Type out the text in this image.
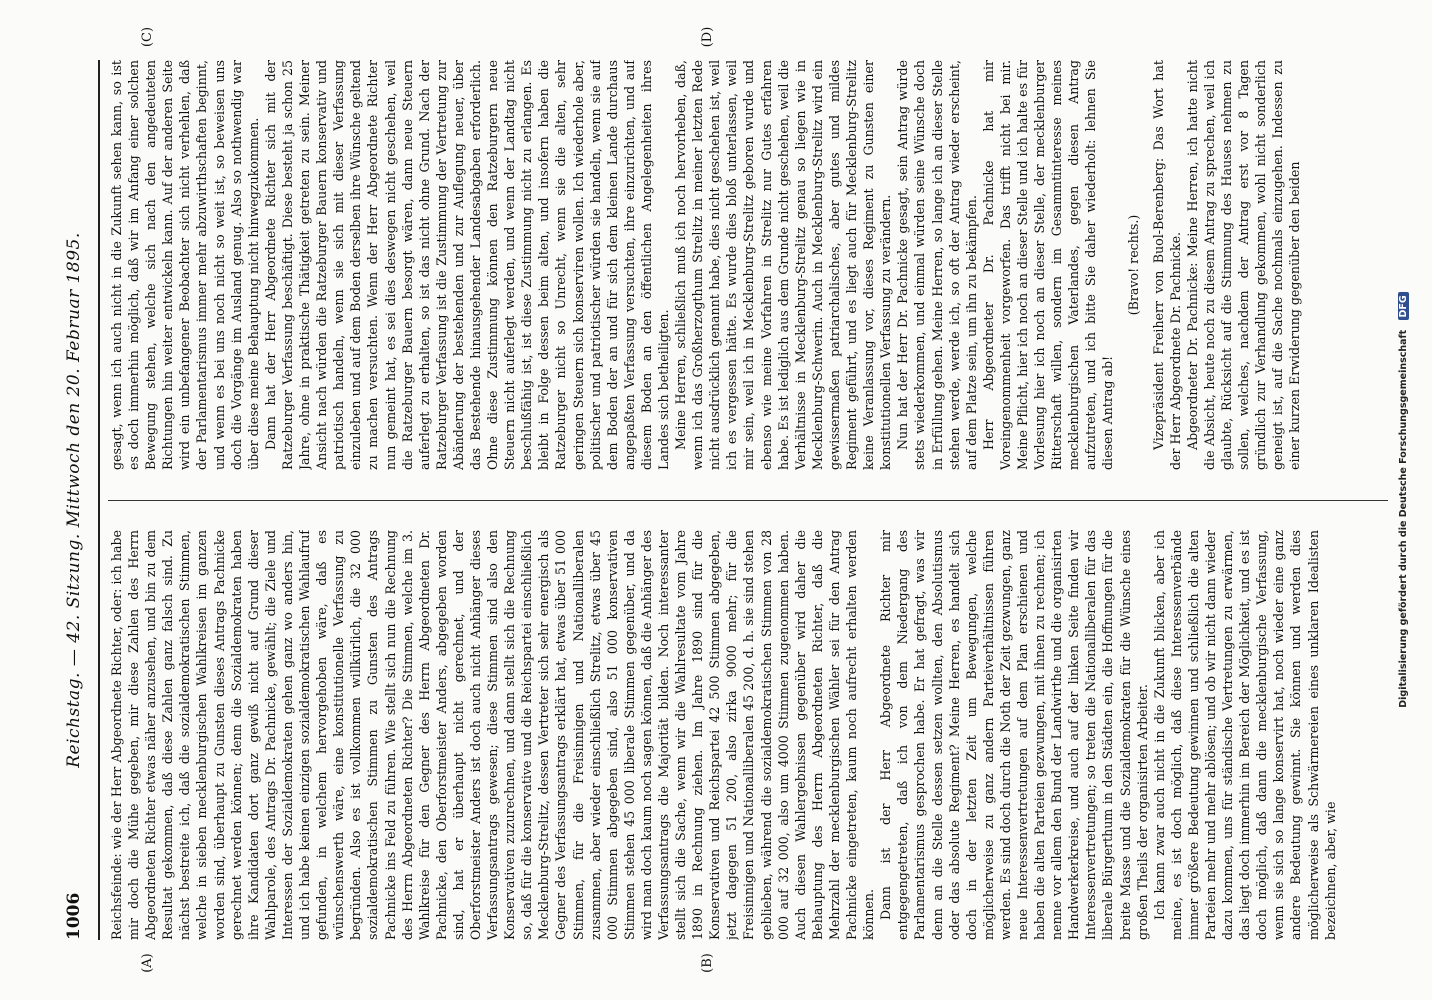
1006
Reichstag. — 42. Sitzung. Mittwoch den 20. Februar 1895.
(A)	(B)
(C)	(D)

Reichsfeinde: wie der Herr Abgeordnete Richter, oder: ich habe mir doch die Mühe gegeben, mir diese Zahlen des Herrn Abgeordneten Richter etwas näher anzusehen, und bin zu dem Resultat gekommen, daß diese Zahlen ganz falsch sind. Zu nächst bestreite ich, daß die sozialdemokratischen Stimmen, welche in sieben mecklenburgischen Wahlkreisen im ganzen worden sind, überhaupt zu Gunsten dieses Antrags Pachnicke gerechnet werden können; denn die Sozialdemokraten haben ihre Kandidaten dort ganz gewiß nicht auf Grund dieser Wahlparole, des Antrags Dr. Pachnicke, gewählt; die Ziele und Interessen der Sozialdemokraten gehen ganz wo anders hin, und ich habe keinen einzigen sozialdemokratischen Wahlaufruf gefunden, in welchem hervorgehoben wäre, daß es wünschenswerth wäre, eine konstitutionelle Verfassung zu begründen. Also es ist vollkommen willkürlich, die 32 000 sozialdemokratischen Stimmen zu Gunsten des Antrags Pachnicke ins Feld zu führen. Wie stellt sich nun die Rechnung des Herrn Abgeordneten Richter? Die Stimmen, welche im 3. Wahlkreise für den Gegner des Herrn Abgeordneten Dr. Pachnicke, den Oberforstmeister Anders, abgegeben worden sind, hat er überhaupt nicht gerechnet, und der Oberforstmeister Anders ist doch auch nicht Anhänger dieses Verfassungsantrags gewesen; diese Stimmen sind also den Konservativen zuzurechnen, und dann stellt sich die Rechnung so, daß für die konservative und die Reichspartei einschließlich Mecklenburg-Strelitz, dessen Vertreter sich sehr energisch als Gegner des Verfassungsantrags erklärt hat, etwas über 51 000 Stimmen, für die Freisinnigen und Nationalliberalen zusammen, aber wieder einschließlich Strelitz, etwas über 45 000 Stimmen abgegeben sind, also 51 000 konservativen Stimmen stehen 45 000 liberale Stimmen gegenüber, und da wird man doch kaum noch sagen können, daß die Anhänger des Verfassungsantrags die Majorität bilden. Noch interessanter stellt sich die Sache, wenn wir die Wahlresultate vom Jahre 1890 in Rechnung ziehen. Im Jahre 1890 sind für die Konservativen und Reichspartei 42 500 Stimmen abgegeben, jetzt dagegen 51 200, also zirka 9000 mehr; für die Freisinnigen und Nationalliberalen 45 200, d. h. sie sind stehen geblieben, während die sozialdemokratischen Stimmen von 28 000 auf 32 000, also um 4000 Stimmen zugenommen haben. Auch diesen Wahlergebnissen gegenüber wird daher die Behauptung des Herrn Abgeordneten Richter, daß die Mehrzahl der mecklenburgischen Wähler sei für den Antrag Pachnicke eingetreten, kaum noch aufrecht erhalten werden können. Dann ist der Herr Abgeordnete Richter mir entgegengetreten, daß ich von dem Niedergang des Parlamentarismus gesprochen habe. Er hat gefragt, was wir denn an die Stelle dessen setzen wollten, den Absolutismus oder das absolute Regiment? Meine Herren, es handelt sich doch in der letzten Zeit um Bewegungen, welche möglicherweise zu ganz andern Parteiverhältnissen führen werden. Es sind doch durch die Noth der Zeit gezwungen, ganz neue Interessenvertretungen auf dem Plan erschienen und haben die alten Parteien gezwungen, mit ihnen zu rechnen; ich nenne vor allem den Bund der Landwirthe und die organisirten Handwerkerkreise, und auch auf der linken Seite finden wir Interessenvertretungen; so treten die Nationalliberalen für das liberale Bürgerthum in den Städten ein, die Hoffnungen für die breite Masse und die Sozialdemokraten für die Wünsche eines großen Theils der organisirten Arbeiter. Ich kann zwar auch nicht in die Zukunft blicken, aber ich meine, es ist doch möglich, daß diese Interessenverbände immer größere Bedeutung gewinnen und schließlich die alten Parteien mehr und mehr ablösen; und ob wir nicht dann wieder dazu kommen, uns für ständische Vertretungen zu erwärmen, das liegt doch immerhin im Bereich der Möglichkeit, und es ist doch möglich, daß dann die mecklenburgische Verfassung, wenn sie sich so lange konservirt hat, noch wieder eine ganz andere Bedeutung gewinnt. Sie können und werden dies möglicherweise als Schwärmereien eines unklaren Idealisten bezeichnen, aber, wie

gesagt, wenn ich auch nicht in die Zukunft sehen kann, so ist es doch immerhin möglich, daß wir im Anfang einer solchen Bewegung stehen, welche sich nach den angedeuteten Richtungen hin weiter entwickeln kann. Auf der anderen Seite wird ein unbefangener Beobachter sich nicht verhehlen, daß der Parlamentarismus immer mehr abzuwirthschaften beginnt, und wenn es bei uns noch nicht so weit ist, so beweisen uns doch die Vorgänge im Ausland genug. Also so nothwendig war über diese meine Behauptung nicht hinwegzukommen. Dann hat der Herr Abgeordnete Richter sich mit der Ratzeburger Verfassung beschäftigt. Diese besteht ja schon 25 Jahre, ohne in praktische Thätigkeit getreten zu sein. Meiner Ansicht nach würden die Ratzeburger Bauern konservativ und patriotisch handeln, wenn sie sich mit dieser Verfassung einzuleben und auf dem Boden derselben ihre Wünsche geltend zu machen versuchten. Wenn der Herr Abgeordnete Richter nun gemeint hat, es sei dies deswegen nicht geschehen, weil die Ratzeburger Bauern besorgt wären, dann neue Steuern auferlegt zu erhalten, so ist das nicht ohne Grund. Nach der Ratzeburger Verfassung ist die Zustimmung der Vertretung zur Abänderung der bestehenden und zur Auflegung neuer, über das Bestehende hinausgehender Landesabgaben erforderlich. Ohne diese Zustimmung können den Ratzeburgern neue Steuern nicht auferlegt werden, und wenn der Landtag nicht beschlußfähig ist, ist diese Zustimmung nicht zu erlangen. Es bleibt in Folge dessen beim alten, und insofern haben die Ratzeburger nicht so Unrecht, wenn sie die alten, sehr geringen Steuern sich konserviren wollen. Ich wiederhole aber, politischer und patriotischer würden sie handeln, wenn sie auf dem Boden der an und für sich dem kleinen Lande durchaus angepaßten Verfassung versuchten, ihre einzurichten, und auf diesem Boden an den öffentlichen Angelegenheiten ihres Landes sich betheiligten. Meine Herren, schließlich muß ich noch hervorheben, daß, wenn ich das Großherzogthum Strelitz in meiner letzten Rede nicht ausdrücklich genannt habe, dies nicht geschehen ist, weil ich es vergessen hätte. Es wurde dies bloß unterlassen, weil mir sein, weil ich in Mecklenburg-Strelitz geboren wurde und ebenso wie meine Vorfahren in Strelitz nur Gutes erfahren habe. Es ist lediglich aus dem Grunde nicht geschehen, weil die Verhältnisse in Mecklenburg-Strelitz genau so liegen wie in Mecklenburg-Schwerin. Auch in Mecklenburg-Strelitz wird ein gewissermaßen patriarchalisches, aber gutes und mildes Regiment geführt, und es liegt auch für Mecklenburg-Strelitz keine Veranlassung vor, dieses Regiment zu Gunsten einer konstitutionellen Verfassung zu verändern. Nun hat der Herr Dr. Pachnicke gesagt, sein Antrag würde stets wiederkommen, und einmal würden seine Wünsche doch in Erfüllung gehen. Meine Herren, so lange ich an dieser Stelle stehen werde, werde ich, so oft der Antrag wieder erscheint, auf dem Platze sein, um ihn zu bekämpfen. Herr Abgeordneter Dr. Pachnicke hat mir Voreingenommenheit vorgeworfen. Das trifft nicht bei mir. Meine Pflicht, hier ich noch an dieser Stelle und ich halte es für Vorlesung hier ich noch an dieser Stelle, der mecklenburger Ritterschaft willen, sondern im Gesammtinteresse meines mecklenburgischen Vaterlandes, gegen diesen Antrag aufzutreten, und ich bitte Sie daher wiederholt: lehnen Sie diesen Antrag ab!

(Bravo! rechts.) Vizepräsident Freiherr von Buol-Berenberg: Das Wort hat der Herr Abgeordnete Dr. Pachnicke. Abgeordneter Dr. Pachnicke: Meine Herren, ich hatte nicht die Absicht, heute noch zu diesem Antrag zu sprechen, weil ich glaubte, Rücksicht auf die Stimmung des Hauses nehmen zu sollen, welches, nachdem der Antrag erst vor 8 Tagen gründlich zur Verhandlung gekommen, wohl nicht sonderlich geneigt ist, auf die Sache nochmals einzugehen. Indessen zu einer kurzen Erwiderung gegenüber den beiden

Digitalisierung gefördert durch die Deutsche Forschungsgemeinschaft DFG
